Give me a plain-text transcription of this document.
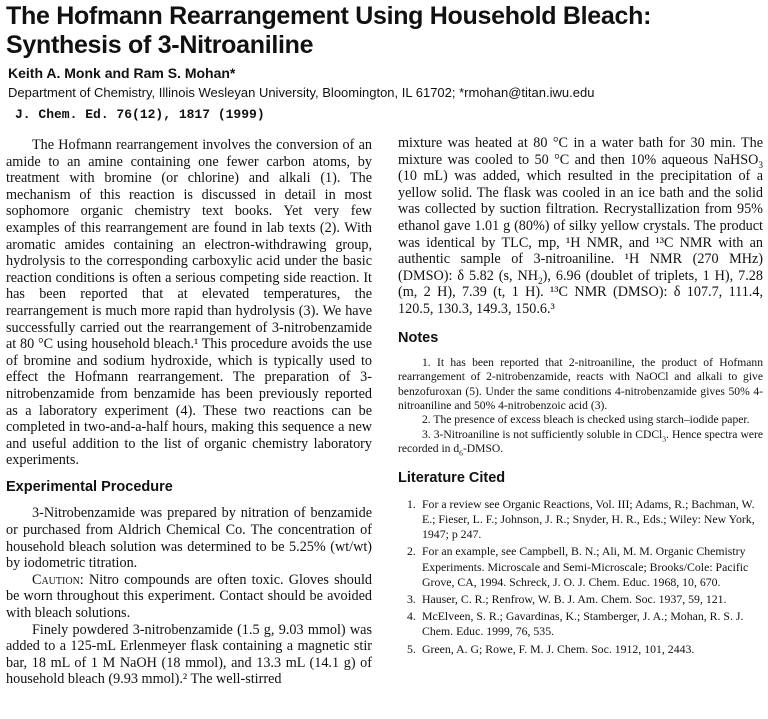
The Hofmann Rearrangement Using Household Bleach:
Synthesis of 3-Nitroaniline
Keith A. Monk and Ram S. Mohan*
Department of Chemistry, Illinois Wesleyan University, Bloomington, IL 61702; *rmohan@titan.iwu.edu
J. Chem. Ed. 76(12), 1817 (1999)

The Hofmann rearrangement involves the conversion of an amide to an amine containing one fewer carbon atoms, by treatment with bromine (or chlorine) and alkali (1). The mechanism of this reaction is discussed in detail in most sophomore organic chemistry text books. Yet very few examples of this rearrangement are found in lab texts (2). With aromatic amides containing an electron-withdrawing group, hydrolysis to the corresponding carboxylic acid under the basic reaction conditions is often a serious competing side reaction. It has been reported that at elevated temperatures, the rearrangement is much more rapid than hydrolysis (3). We have successfully carried out the rearrangement of 3-nitrobenzamide at 80 °C using household bleach.¹ This procedure avoids the use of bromine and sodium hydroxide, which is typically used to effect the Hofmann rearrangement. The preparation of 3-nitrobenzamide from benzamide has been previously reported as a laboratory experiment (4). These two reactions can be completed in two-and-a-half hours, making this sequence a new and useful addition to the list of organic chemistry laboratory experiments.

Experimental Procedure

3-Nitrobenzamide was prepared by nitration of benzamide or purchased from Aldrich Chemical Co. The concentration of household bleach solution was determined to be 5.25% (wt/wt) by iodometric titration.

Caution: Nitro compounds are often toxic. Gloves should be worn throughout this experiment. Contact should be avoided with bleach solutions.

Finely powdered 3-nitrobenzamide (1.5 g, 9.03 mmol) was added to a 125-mL Erlenmeyer flask containing a magnetic stir bar, 18 mL of 1 M NaOH (18 mmol), and 13.3 mL (14.1 g) of household bleach (9.93 mmol).² The well-stirred

mixture was heated at 80 °C in a water bath for 30 min. The mixture was cooled to 50 °C and then 10% aqueous NaHSO$_3$ (10 mL) was added, which resulted in the precipitation of a yellow solid. The flask was cooled in an ice bath and the solid was collected by suction filtration. Recrystallization from 95% ethanol gave 1.01 g (80%) of silky yellow crystals. The product was identical by TLC, mp, ¹H NMR, and ¹³C NMR with an authentic sample of 3-nitroaniline. ¹H NMR (270 MHz) (DMSO): δ 5.82 (s, $NH_2$), 6.96 (doublet of triplets, 1 H), 7.28 (m, 2 H), 7.39 (t, 1 H). ¹³C NMR (DMSO): δ 107.7, 111.4, 120.5, 130.3, 149.3, 150.6.³

Notes

1. It has been reported that 2-nitroaniline, the product of Hofmann rearrangement of 2-nitrobenzamide, reacts with NaOCl and alkali to give benzofuroxan (5). Under the same conditions 4-nitrobenzamide gives 50% 4-nitroaniline and 50% 4-nitrobenzoic acid (3).

2. The presence of excess bleach is checked using starch–iodide paper.

3. 3-Nitroaniline is not sufficiently soluble in CDCl$_3$. Hence spectra were recorded in $d_6$-DMSO.

Literature Cited
1. For a review see Organic Reactions, Vol. III; Adams, R.; Bachman, W. E.; Fieser, L. F.; Johnson, J. R.; Snyder, H. R., Eds.; Wiley: New York, 1947; p 247.
2. For an example, see Campbell, B. N.; Ali, M. M. Organic Chemistry Experiments. Microscale and Semi-Microscale; Brooks/Cole: Pacific Grove, CA, 1994. Schreck, J. O. J. Chem. Educ. 1968, 10, 670.
3. Hauser, C. R.; Renfrow, W. B. J. Am. Chem. Soc. 1937, 59, 121.
4. McElveen, S. R.; Gavardinas, K.; Stamberger, J. A.; Mohan, R. S. J. Chem. Educ. 1999, 76, 535.
5. Green, A. G; Rowe, F. M. J. Chem. Soc. 1912, 101, 2443.
